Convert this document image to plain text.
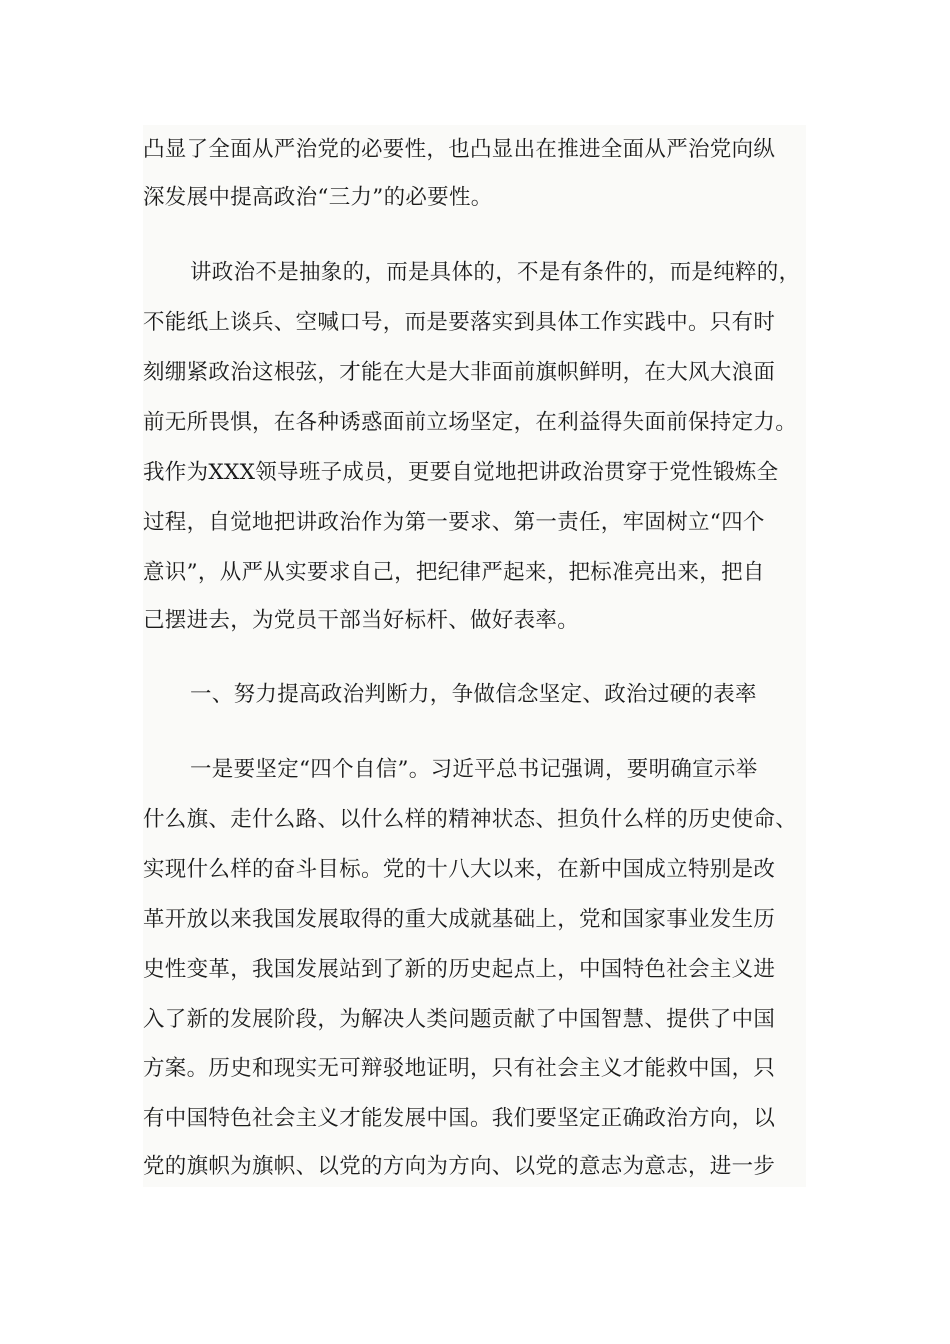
凸显了全面从严治党的必要性，也凸显出在推进全面从严治党向纵
深发展中提高政治“三力”的必要性。
讲政治不是抽象的，而是具体的，不是有条件的，而是纯粹的，
不能纸上谈兵、空喊口号，而是要落实到具体工作实践中。只有时
刻绷紧政治这根弦，才能在大是大非面前旗帜鲜明，在大风大浪面
前无所畏惧，在各种诱惑面前立场坚定，在利益得失面前保持定力。
我作为XXX领导班子成员，更要自觉地把讲政治贯穿于党性锻炼全
过程，自觉地把讲政治作为第一要求、第一责任，牢固树立“四个
意识”，从严从实要求自己，把纪律严起来，把标准亮出来，把自
己摆进去，为党员干部当好标杆、做好表率。
一、努力提高政治判断力，争做信念坚定、政治过硬的表率
一是要坚定“四个自信”。习近平总书记强调，要明确宣示举
什么旗、走什么路、以什么样的精神状态、担负什么样的历史使命、
实现什么样的奋斗目标。党的十八大以来，在新中国成立特别是改
革开放以来我国发展取得的重大成就基础上，党和国家事业发生历
史性变革，我国发展站到了新的历史起点上，中国特色社会主义进
入了新的发展阶段，为解决人类问题贡献了中国智慧、提供了中国
方案。历史和现实无可辩驳地证明，只有社会主义才能救中国，只
有中国特色社会主义才能发展中国。我们要坚定正确政治方向，以
党的旗帜为旗帜、以党的方向为方向、以党的意志为意志，进一步
